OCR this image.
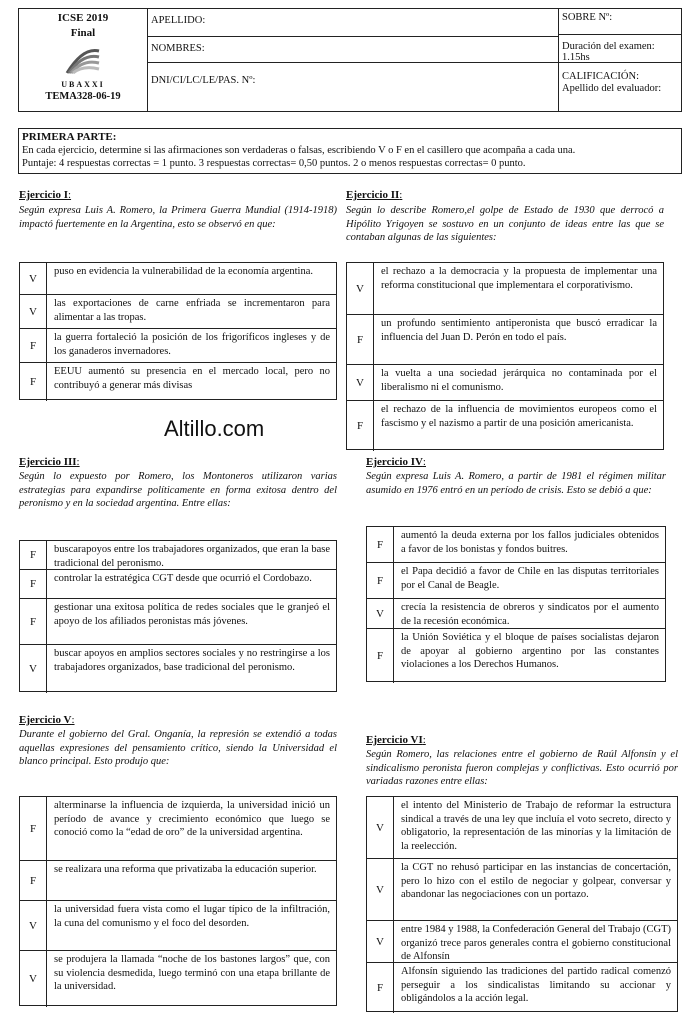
ICSE 2019
Final
UBAXXI
TEMA328-06-19
APELLIDO:
NOMBRES:
DNI/CI/LC/LE/PAS. Nº:
SOBRE Nº:
Duración del examen: 1.15hs
CALIFICACIÓN:
Apellido del evaluador:
PRIMERA PARTE:
En cada ejercicio, determine si las afirmaciones son verdaderas o falsas, escribiendo V o F en el casillero que acompaña a cada una.
Puntaje: 4 respuestas correctas = 1 punto. 3 respuestas correctas= 0,50 puntos. 2 o menos respuestas correctas= 0 punto.
Altillo.com
Ejercicio I:
Según expresa Luis A. Romero, la Primera Guerra Mundial (1914-1918) impactó fuertemente en la Argentina, esto se observó en que:
V
puso en evidencia la vulnerabilidad de la economía argentina.
V
las exportaciones de carne enfriada se incrementaron para alimentar a las tropas.
F
la guerra fortaleció la posición de los frigoríficos ingleses y de los ganaderos invernadores.
F
EEUU aumentó su presencia en el mercado local, pero no contribuyó a generar más divisas
Ejercicio II:
Según lo describe Romero,el golpe de Estado de 1930 que derrocó a Hipólito Yrigoyen se sostuvo en un conjunto de ideas entre las que se contaban algunas de las siguientes:
V
el rechazo a la democracia y la propuesta de implementar una reforma constitucional que implementara el corporativismo.
F
un profundo sentimiento antiperonista que buscó erradicar la influencia del Juan D. Perón en todo el país.
V
la vuelta a una sociedad jerárquica no contaminada por el liberalismo ni el comunismo.
F
el rechazo de la influencia de movimientos europeos como el fascismo y el nazismo a partir de una posición americanista.
Ejercicio III:
Según lo expuesto por Romero, los Montoneros utilizaron varias estrategias para expandirse políticamente en forma exitosa dentro del peronismo y en la sociedad argentina. Entre ellas:
F	buscarapoyos entre los trabajadores organizados, que eran la base tradicional del peronismo.
F	controlar la estratégica CGT desde que ocurrió el Cordobazo.
F
gestionar una exitosa política de redes sociales que le granjeó el apoyo de los afiliados peronistas más jóvenes.
V
buscar apoyos en amplios sectores sociales y no restringirse a los trabajadores organizados, base tradicional del peronismo.
Ejercicio IV:
Según expresa Luis A. Romero, a partir de 1981 el régimen militar asumido en 1976 entró en un período de crisis. Esto se debió a que:
F
aumentó la deuda externa por los fallos judiciales obtenidos a favor de los bonistas y fondos buitres.
F
el Papa decidió a favor de Chile en las disputas territoriales por el Canal de Beagle.
V	crecía la resistencia de obreros y sindicatos por el aumento de la recesión económica.
F
la Unión Soviética y el bloque de países socialistas dejaron de apoyar al gobierno argentino por las constantes violaciones a los Derechos Humanos.
Ejercicio V:
Durante el gobierno del Gral. Onganía, la represión se extendió a todas aquellas expresiones del pensamiento crítico, siendo la Universidad el blanco principal. Esto produjo que:
F
alterminarse la influencia de izquierda, la universidad inició un período de avance y crecimiento económico que luego se conoció como la “edad de oro” de la universidad argentina.
F
se realizara una reforma que privatizaba la educación superior.
V
la universidad fuera vista como el lugar típico de la infiltración, la cuna del comunismo y el foco del desorden.
V
se produjera la llamada “noche de los bastones largos” que, con su violencia desmedida, luego terminó con una etapa brillante de la universidad.
Ejercicio VI:
Según Romero, las relaciones entre el gobierno de Raúl Alfonsín y el sindicalismo peronista fueron complejas y conflictivas. Esto ocurrió por variadas razones entre ellas:
V
el intento del Ministerio de Trabajo de reformar la estructura sindical a través de una ley que incluía el voto secreto, directo y obligatorio, la representación de las minorías y la limitación de la reelección.
V
la CGT no rehusó participar en las instancias de concertación, pero lo hizo con el estilo de negociar y golpear, conversar y abandonar las negociaciones con un portazo.
V
entre 1984 y 1988, la Confederación General del Trabajo (CGT) organizó trece paros generales contra el gobierno constitucional de Alfonsín
F
Alfonsín siguiendo las tradiciones del partido radical comenzó perseguir a los sindicalistas limitando su accionar y obligándolos a la acción legal.
